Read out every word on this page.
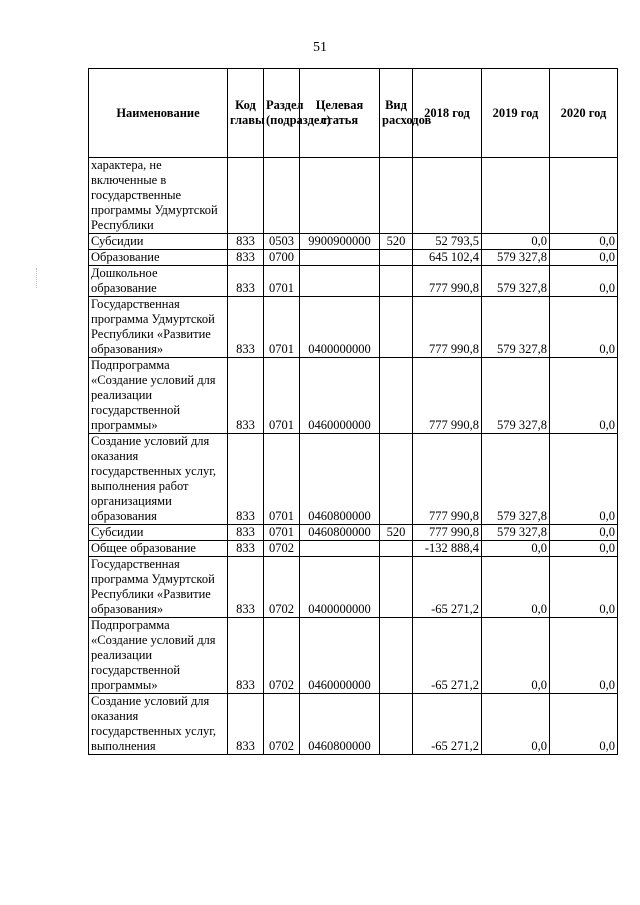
51
Наименование	Код главы	Раздел (подраздел)	Целевая статья	Вид расходов	2018 год	2019 год	2020 год
характера, не включенные в государственные программы Удмуртской Республики							
Субсидии	833	0503	9900900000	520	52 793,5	0,0	0,0
Образование	833	0700			645 102,4	579 327,8	0,0
Дошкольное образование	833	0701			777 990,8	579 327,8	0,0
Государственная программа Удмуртской Республики «Развитие образования»	833	0701	0400000000		777 990,8	579 327,8	0,0
Подпрограмма «Создание условий для реализации государственной программы»	833	0701	0460000000		777 990,8	579 327,8	0,0
Создание условий для оказания государственных услуг, выполнения работ организациями образования	833	0701	0460800000		777 990,8	579 327,8	0,0
Субсидии	833	0701	0460800000	520	777 990,8	579 327,8	0,0
Общее образование	833	0702			-132 888,4	0,0	0,0
Государственная программа Удмуртской Республики «Развитие образования»	833	0702	0400000000		-65 271,2	0,0	0,0
Подпрограмма «Создание условий для реализации государственной программы»	833	0702	0460000000		-65 271,2	0,0	0,0
Создание условий для оказания государственных услуг, выполнения	833	0702	0460800000		-65 271,2	0,0	0,0
